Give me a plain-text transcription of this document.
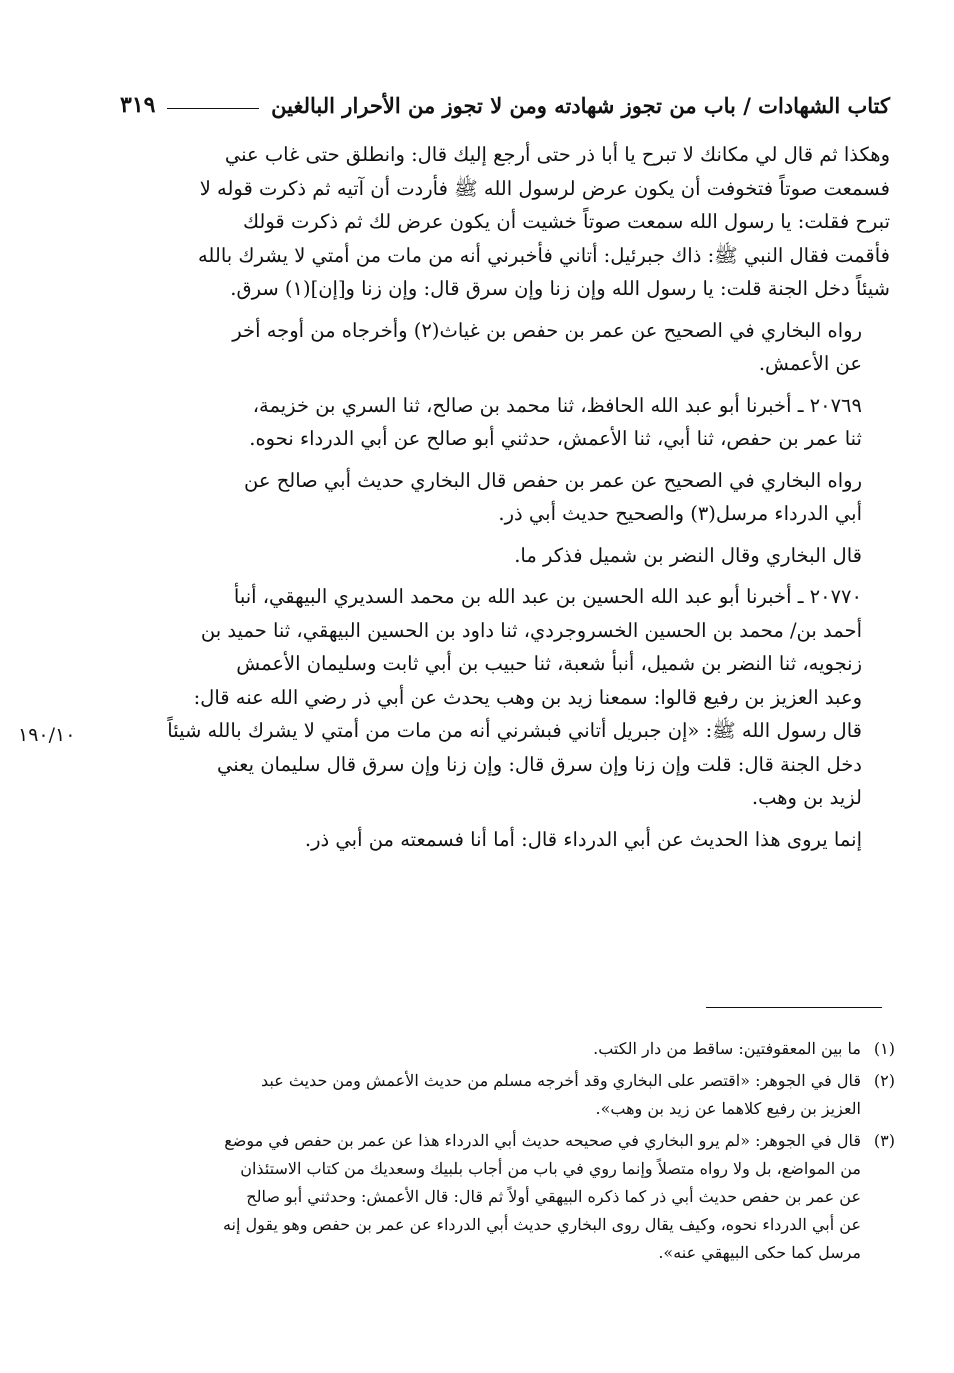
كتاب الشهادات / باب من تجوز شهادته ومن لا تجوز من الأحرار البالغين
٣١٩
وهكذا ثم قال لي مكانك لا تبرح يا أبا ذر حتى أرجع إليك قال: وانطلق حتى غاب عني
فسمعت صوتاً فتخوفت أن يكون عرض لرسول الله ﷺ فأردت أن آتيه ثم ذكرت قوله لا
تبرح فقلت: يا رسول الله سمعت صوتاً خشيت أن يكون عرض لك ثم ذكرت قولك
فأقمت فقال النبي ﷺ: ذاك جبرئيل: أتاني فأخبرني أنه من مات من أمتي لا يشرك بالله
شيئاً دخل الجنة قلت: يا رسول الله وإن زنا وإن سرق قال: وإن زنا و[إن](١) سرق.
رواه البخاري في الصحيح عن عمر بن حفص بن غياث(٢) وأخرجاه من أوجه أخر
عن الأعمش.
٢٠٧٦٩ ـ أخبرنا أبو عبد الله الحافظ، ثنا محمد بن صالح، ثنا السري بن خزيمة،
ثنا عمر بن حفص، ثنا أبي، ثنا الأعمش، حدثني أبو صالح عن أبي الدرداء نحوه.
رواه البخاري في الصحيح عن عمر بن حفص قال البخاري حديث أبي صالح عن
أبي الدرداء مرسل(٣) والصحيح حديث أبي ذر.
قال البخاري وقال النضر بن شميل فذكر ما.
٢٠٧٧٠ ـ أخبرنا أبو عبد الله الحسين بن عبد الله بن محمد السديري البيهقي، أنبأ
أحمد بن/ محمد بن الحسين الخسروجردي، ثنا داود بن الحسين البيهقي، ثنا حميد بن
زنجويه، ثنا النضر بن شميل، أنبأ شعبة، ثنا حبيب بن أبي ثابت وسليمان الأعمش
وعبد العزيز بن رفيع قالوا: سمعنا زيد بن وهب يحدث عن أبي ذر رضي الله عنه قال:
قال رسول الله ﷺ: «إن جبريل أتاني فبشرني أنه من مات من أمتي لا يشرك بالله شيئاً
دخل الجنة قال: قلت وإن زنا وإن سرق قال: وإن زنا وإن سرق قال سليمان يعني
لزيد بن وهب.
إنما يروى هذا الحديث عن أبي الدرداء قال: أما أنا فسمعته من أبي ذر.
١٩٠/١٠
(١)
ما بين المعقوفتين: ساقط من دار الكتب.
(٢)
قال في الجوهر: «اقتصر على البخاري وقد أخرجه مسلم من حديث الأعمش ومن حديث عبد
العزيز بن رفيع كلاهما عن زيد بن وهب».
(٣)
قال في الجوهر: «لم يرو البخاري في صحيحه حديث أبي الدرداء هذا عن عمر بن حفص في موضع
من المواضع، بل ولا رواه متصلاً وإنما روي في باب من أجاب بلبيك وسعديك من كتاب الاستئذان
عن عمر بن حفص حديث أبي ذر كما ذكره البيهقي أولاً ثم قال: قال الأعمش: وحدثني أبو صالح
عن أبي الدرداء نحوه، وكيف يقال روى البخاري حديث أبي الدرداء عن عمر بن حفص وهو يقول إنه
مرسل كما حكى البيهقي عنه».
